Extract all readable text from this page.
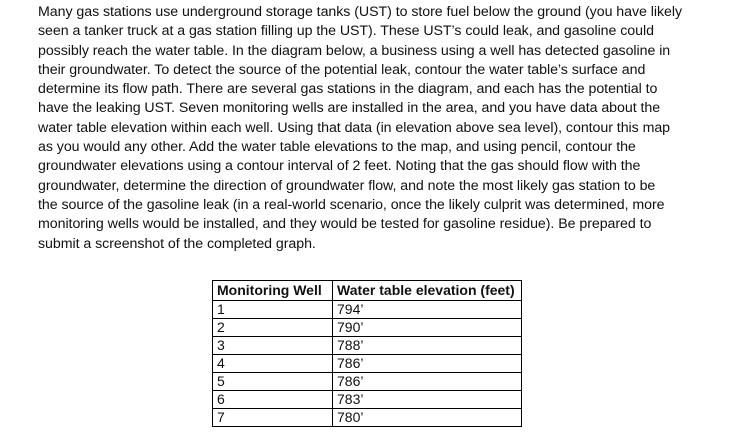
Many gas stations use underground storage tanks (UST) to store fuel below the ground (you have likely
seen a tanker truck at a gas station filling up the UST). These UST’s could leak, and gasoline could
possibly reach the water table. In the diagram below, a business using a well has detected gasoline in
their groundwater. To detect the source of the potential leak, contour the water table’s surface and
determine its flow path. There are several gas stations in the diagram, and each has the potential to
have the leaking UST. Seven monitoring wells are installed in the area, and you have data about the
water table elevation within each well. Using that data (in elevation above sea level), contour this map
as you would any other. Add the water table elevations to the map, and using pencil, contour the
groundwater elevations using a contour interval of 2 feet. Noting that the gas should flow with the
groundwater, determine the direction of groundwater flow, and note the most likely gas station to be
the source of the gasoline leak (in a real-world scenario, once the likely culprit was determined, more
monitoring wells would be installed, and they would be tested for gasoline residue). Be prepared to
submit a screenshot of the completed graph.

Monitoring Well	Water table elevation (feet)
1	794’
2	790’
3	788’
4	786’
5	786’
6	783’
7	780’
